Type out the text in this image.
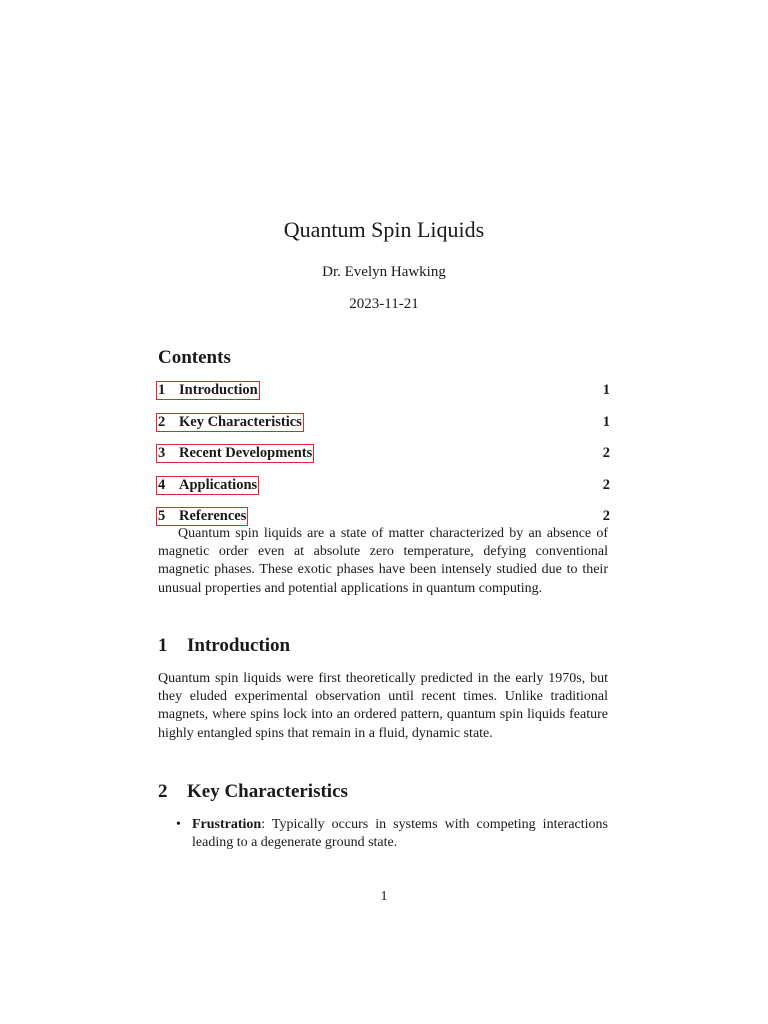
Quantum Spin Liquids
Dr. Evelyn Hawking
2023-11-21
Contents
1 Introduction	1
2 Key Characteristics	1
3 Recent Developments	2
4 Applications	2
5 References	2

Quantum spin liquids are a state of matter characterized by an absence of magnetic order even at absolute zero temperature, defying conventional magnetic phases. These exotic phases have been intensely studied due to their unusual properties and potential applications in quantum computing.

1 Introduction

Quantum spin liquids were first theoretically predicted in the early 1970s, but they eluded experimental observation until recent times. Unlike traditional magnets, where spins lock into an ordered pattern, quantum spin liquids feature highly entangled spins that remain in a fluid, dynamic state.

2 Key Characteristics
• Frustration: Typically occurs in systems with competing interactions leading to a degenerate ground state.
1
